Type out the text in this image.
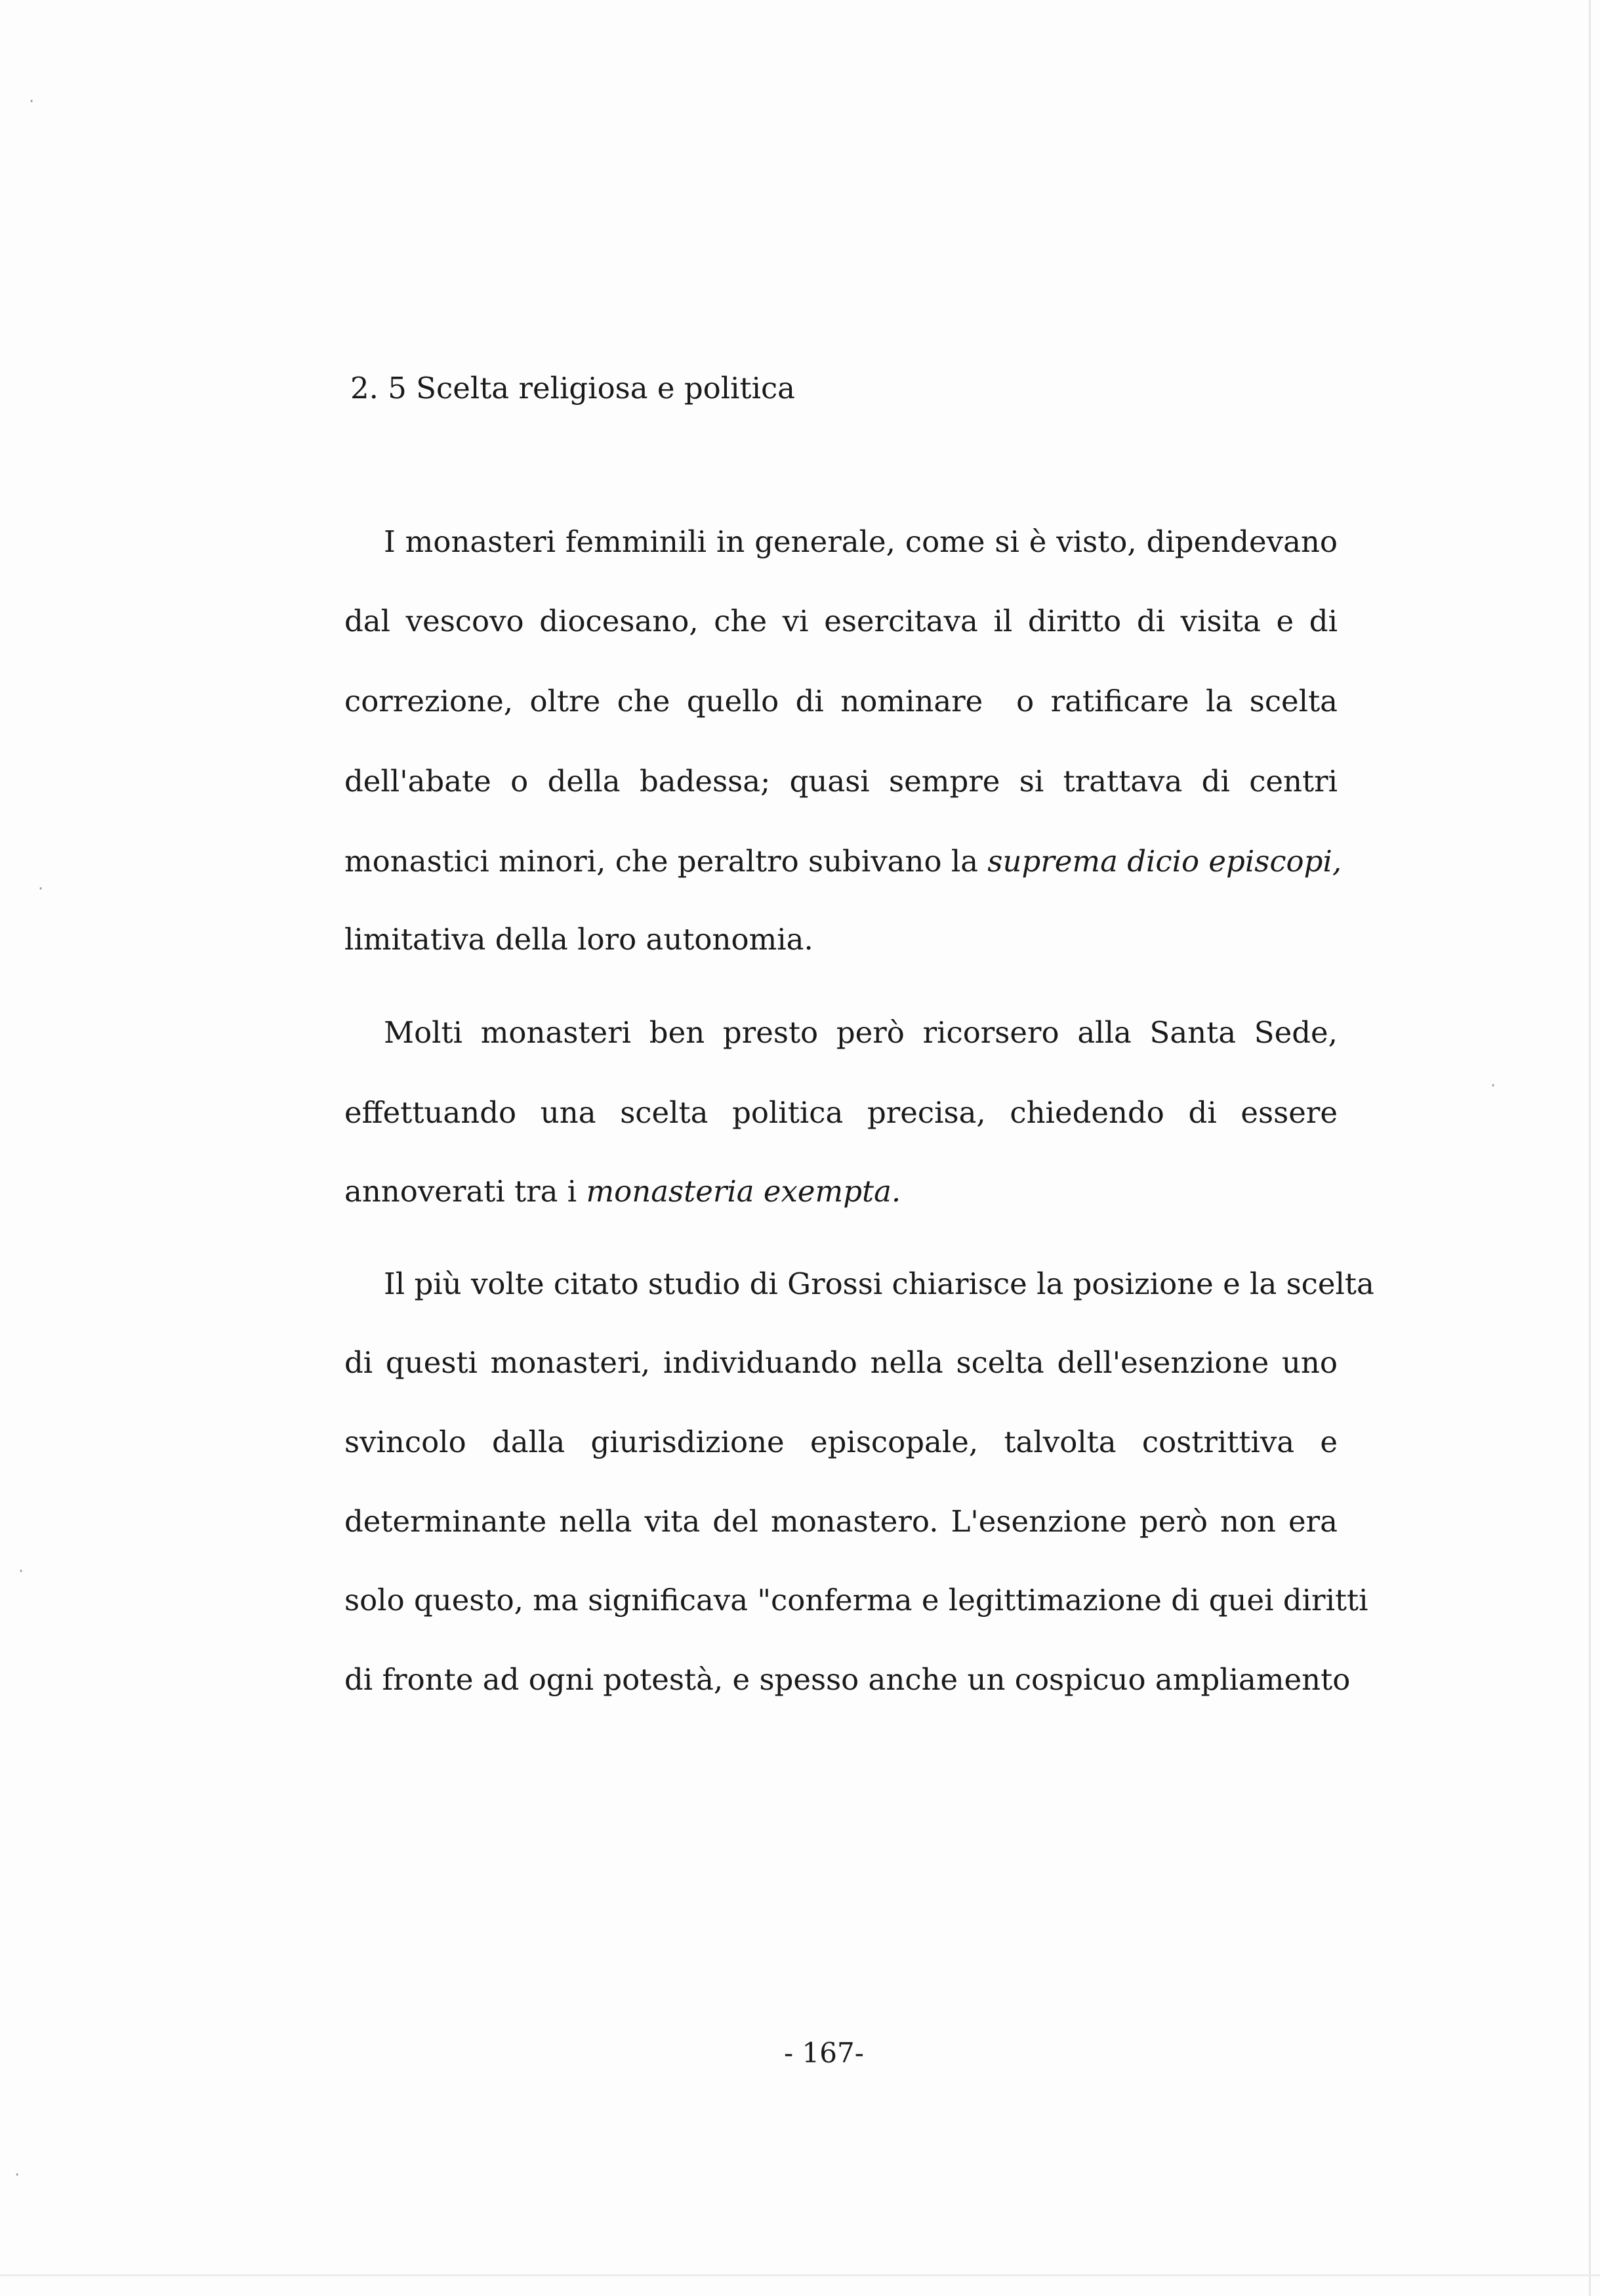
·
·
·
·
·
2. 5 Scelta religiosa e politica
I monasteri femminili in generale, come si è visto, dipendevano
dal vescovo diocesano, che vi esercitava il diritto di visita e di
correzione, oltre che quello di nominare  o ratificare la scelta
dell'abate o della badessa; quasi sempre si trattava di centri
monastici minori, che peraltro subivano la suprema dicio episcopi,
limitativa della loro autonomia.
Molti monasteri ben presto però ricorsero alla Santa Sede,
effettuando una scelta politica precisa, chiedendo di essere
annoverati tra i monasteria exempta.
Il più volte citato studio di Grossi chiarisce la posizione e la scelta
di questi monasteri, individuando nella scelta dell'esenzione uno
svincolo dalla giurisdizione episcopale, talvolta costrittiva e
determinante nella vita del monastero. L'esenzione però non era
solo questo, ma significava "conferma e legittimazione di quei diritti
di fronte ad ogni potestà, e spesso anche un cospicuo ampliamento
- 167-
